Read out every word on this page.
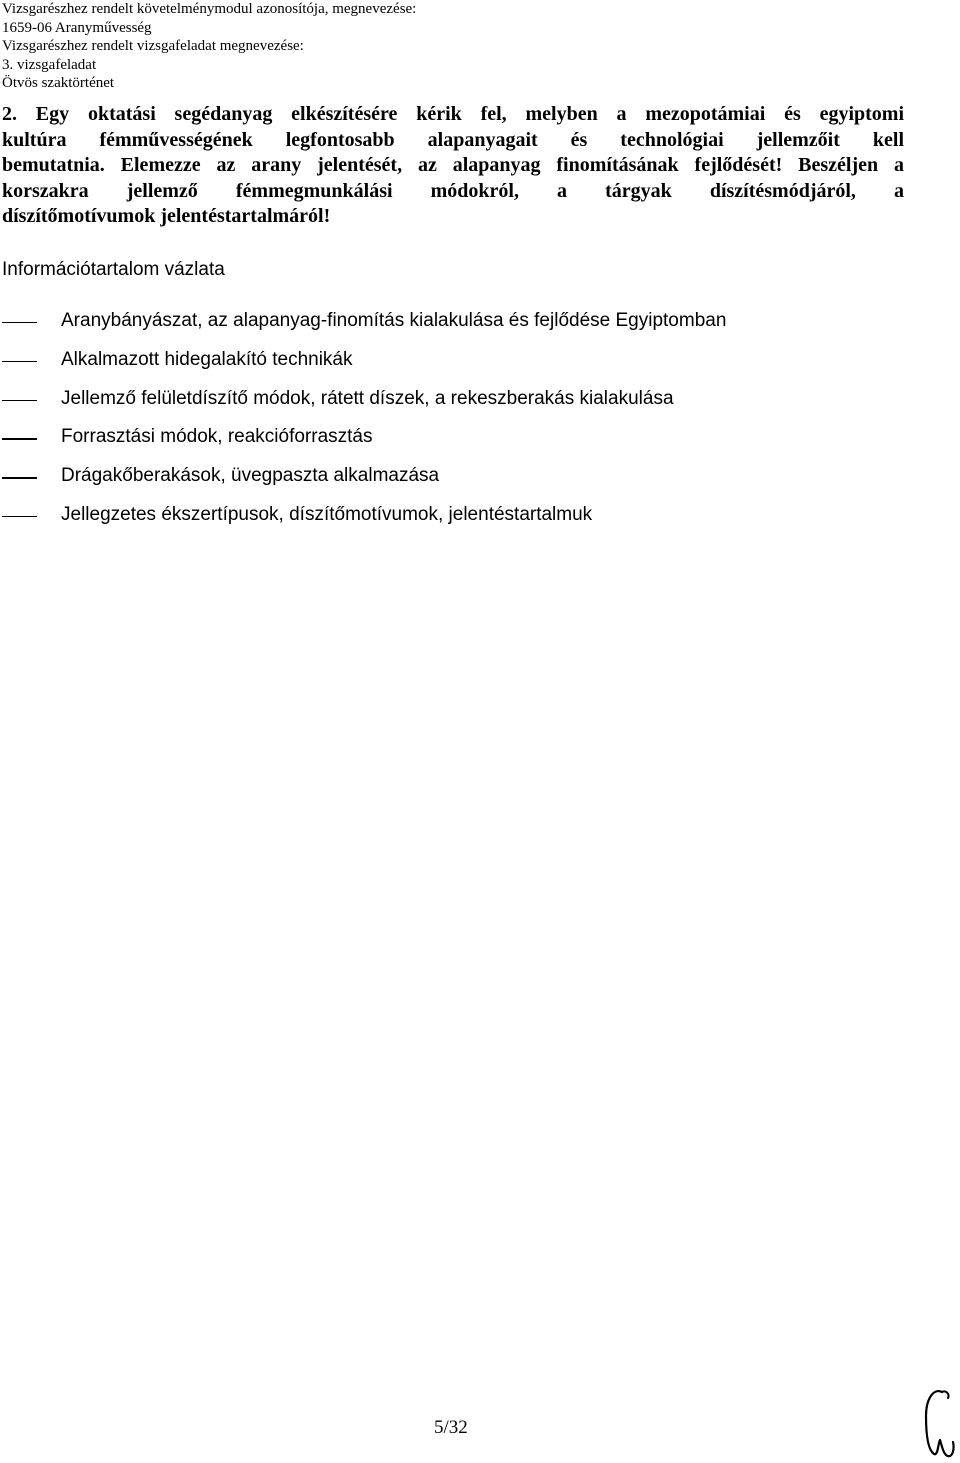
Vizsgarészhez rendelt követelménymodul azonosítója, megnevezése:
1659-06 Aranyművesség
Vizsgarészhez rendelt vizsgafeladat megnevezése:
3. vizsgafeladat
Ötvös szaktörténet
2. Egy oktatási segédanyag elkészítésére kérik fel, melyben a mezopotámiai és egyiptomi
kultúra fémművességének legfontosabb alapanyagait és technológiai jellemzőit kell
bemutatnia. Elemezze az arany jelentését, az alapanyag finomításának fejlődését! Beszéljen a
korszakra jellemző fémmegmunkálási módokról, a tárgyak díszítésmódjáról, a
díszítőmotívumok jelentéstartalmáról!
Információtartalom vázlata
Aranybányászat, az alapanyag-finomítás kialakulása és fejlődése Egyiptomban
Alkalmazott hidegalakító technikák
Jellemző felületdíszítő módok, rátett díszek, a rekeszberakás kialakulása
Forrasztási módok, reakcióforrasztás
Drágakőberakások, üvegpaszta alkalmazása
Jellegzetes ékszertípusok, díszítőmotívumok, jelentéstartalmuk
5/32
